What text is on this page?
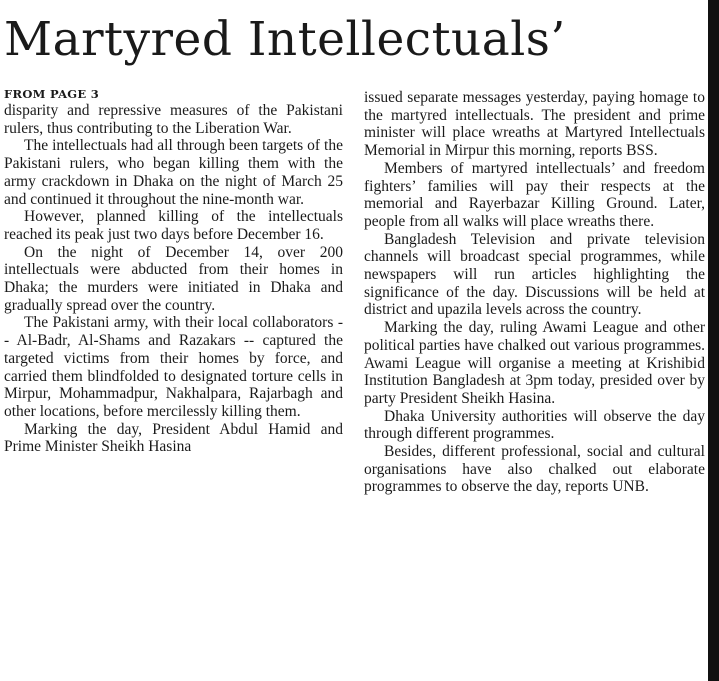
Martyred Intellectuals’
FROM PAGE 3

disparity and repressive measures of the Pakistani rulers, thus contributing to the Liberation War.

The intellectuals had all through been targets of the Pakistani rulers, who began killing them with the army crackdown in Dhaka on the night of March 25 and continued it throughout the nine-month war.

However, planned killing of the intellectuals reached its peak just two days before December 16.

On the night of December 14, over 200 intellectuals were abducted from their homes in Dhaka; the murders were initiated in Dhaka and gradually spread over the country.

The Pakistani army, with their local collaborators -- Al-Badr, Al-Shams and Razakars -- captured the targeted victims from their homes by force, and carried them blindfolded to designated torture cells in Mirpur, Mohammadpur, Nakhalpara, Rajarbagh and other locations, before mercilessly killing them.

Marking the day, President Abdul Hamid and Prime Minister Sheikh Hasina

issued separate messages yesterday, paying homage to the martyred intellectuals. The president and prime minister will place wreaths at Martyred Intellectuals Memorial in Mirpur this morning, reports BSS.

Members of martyred intellectuals’ and freedom fighters’ families will pay their respects at the memorial and Rayerbazar Killing Ground. Later, people from all walks will place wreaths there.

Bangladesh Television and private television channels will broadcast special programmes, while newspapers will run articles highlighting the significance of the day. Discussions will be held at district and upazila levels across the country.

Marking the day, ruling Awami League and other political parties have chalked out various programmes. Awami League will organise a meeting at Krishibid Institution Bangladesh at 3pm today, presided over by party President Sheikh Hasina.

Dhaka University authorities will observe the day through different programmes.

Besides, different professional, social and cultural organisations have also chalked out elaborate programmes to observe the day, reports UNB.
